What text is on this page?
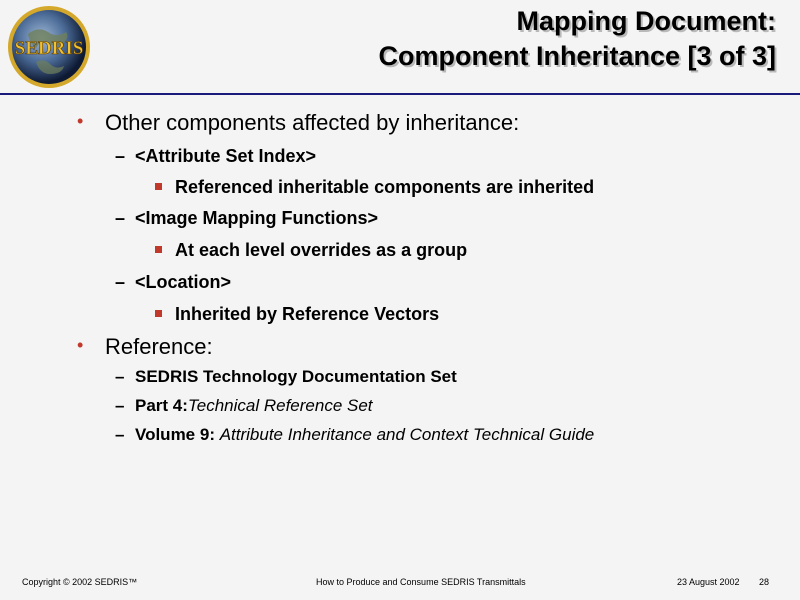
SEDRIS
Mapping Document:
Component Inheritance [3 of 3]
• Other components affected by inheritance:
– <Attribute Set Index>
Referenced inheritable components are inherited
– <Image Mapping Functions>
At each level overrides as a group
– <Location>
Inherited by Reference Vectors
• Reference:
– SEDRIS Technology Documentation Set
– Part 4:Technical Reference Set
– Volume 9: Attribute Inheritance and Context Technical Guide
Copyright © 2002 SEDRIS™	How to Produce and Consume SEDRIS Transmittals	23 August 2002 28
